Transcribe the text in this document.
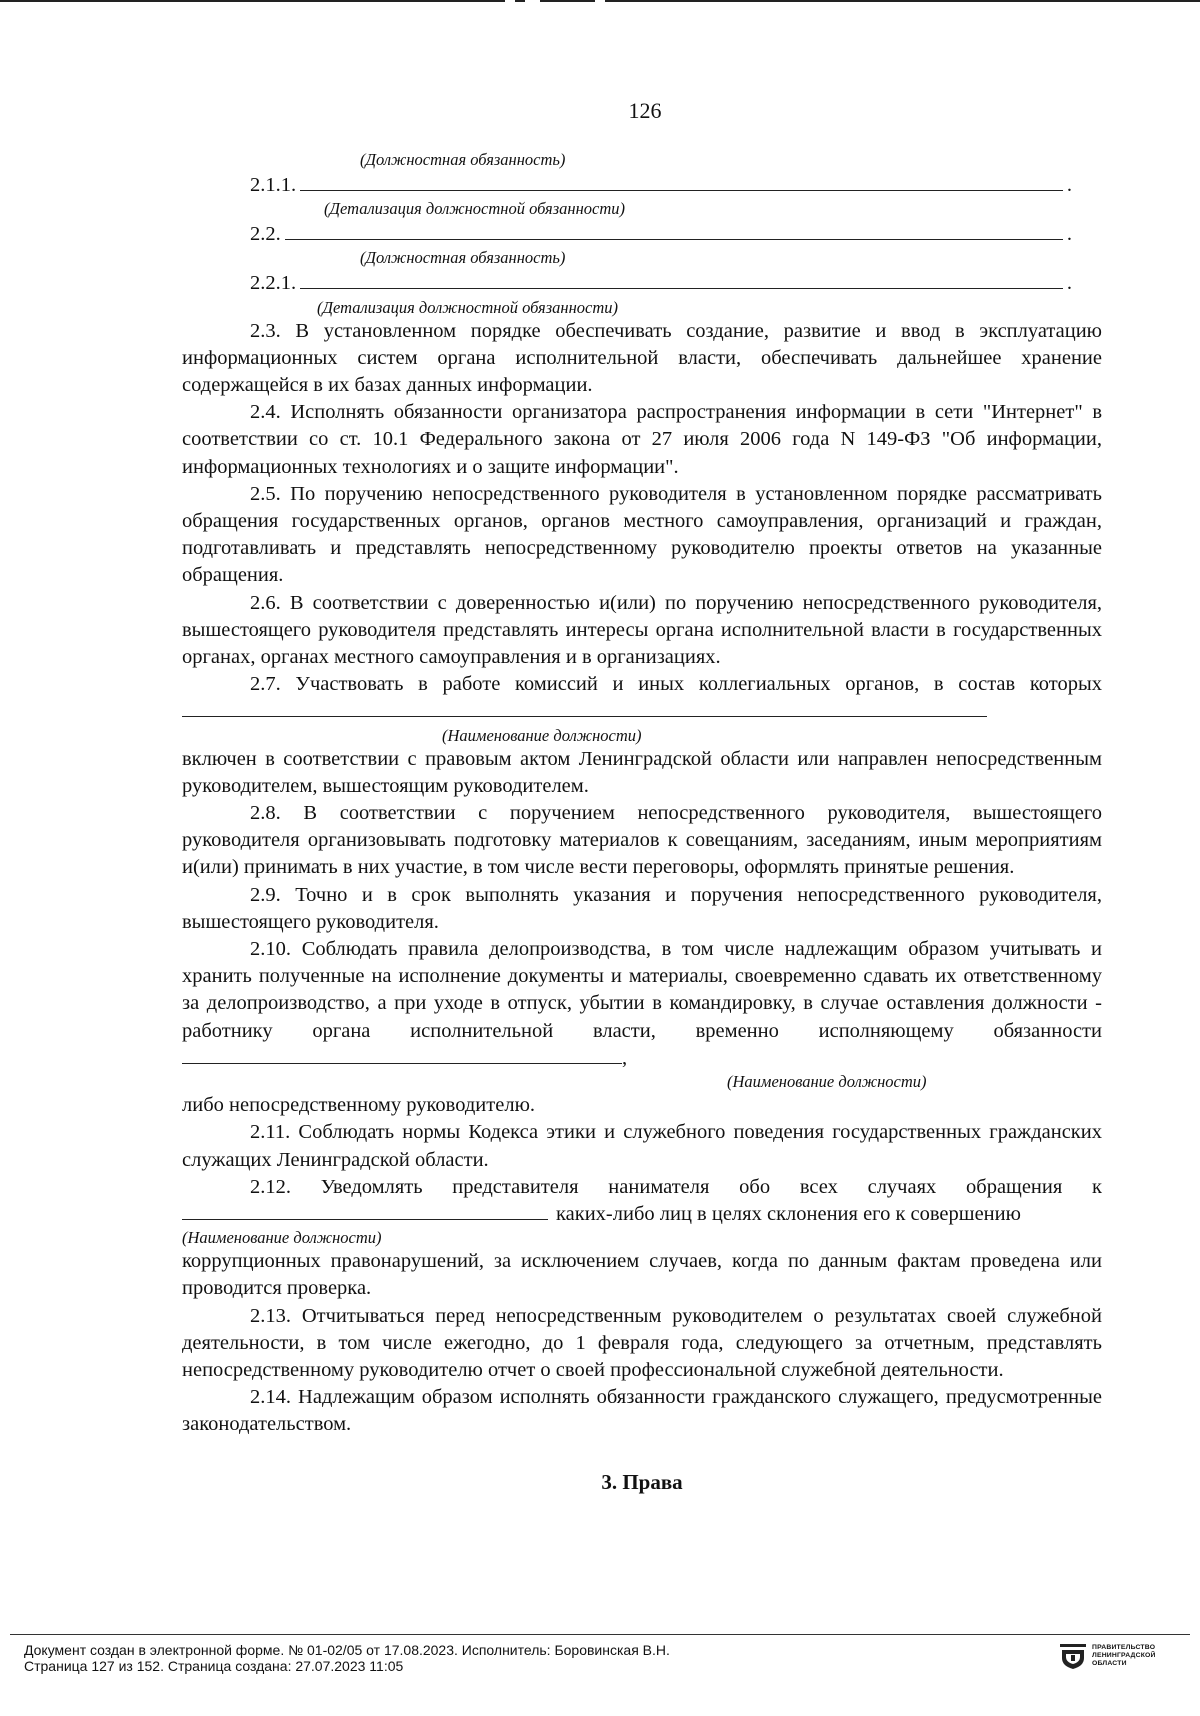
126
(Должностная обязанность)
2.1.1.	.
(Детализация должностной обязанности)
2.2.	.
(Должностная обязанность)
2.2.1.	.
(Детализация должностной обязанности)

2.3. В установленном порядке обеспечивать создание, развитие и ввод в эксплуатацию информационных систем органа исполнительной власти, обеспечивать дальнейшее хранение содержащейся в их базах данных информации.

2.4. Исполнять обязанности организатора распространения информации в сети "Интернет" в соответствии со ст. 10.1 Федерального закона от 27 июля 2006 года N 149-ФЗ "Об информации, информационных технологиях и о защите информации".

2.5. По поручению непосредственного руководителя в установленном порядке рассматривать обращения государственных органов, органов местного самоуправления, организаций и граждан, подготавливать и представлять непосредственному руководителю проекты ответов на указанные обращения.

2.6. В соответствии с доверенностью и(или) по поручению непосредственного руководителя, вышестоящего руководителя представлять интересы органа исполнительной власти в государственных органах, органах местного самоуправления и в организациях.

2.7. Участвовать в работе комиссий и иных коллегиальных органов, в состав которых

(Наименование должности)

включен в соответствии с правовым актом Ленинградской области или направлен непосредственным руководителем, вышестоящим руководителем.

2.8. В соответствии с поручением непосредственного руководителя, вышестоящего руководителя организовывать подготовку материалов к совещаниям, заседаниям, иным мероприятиям и(или) принимать в них участие, в том числе вести переговоры, оформлять принятые решения.

2.9. Точно и в срок выполнять указания и поручения непосредственного руководителя, вышестоящего руководителя.

2.10. Соблюдать правила делопроизводства, в том числе надлежащим образом учитывать и хранить полученные на исполнение документы и материалы, своевременно сдавать их ответственному за делопроизводство, а при уходе в отпуск, убытии в командировку, в случае оставления должности - работнику органа исполнительной власти, временно исполняющему обязанности ,

(Наименование должности)

либо непосредственному руководителю.

2.11. Соблюдать нормы Кодекса этики и служебного поведения государственных гражданских служащих Ленинградской области.

2.12. Уведомлять представителя нанимателя обо всех случаях обращения к

каких-либо лиц в целях склонения его к совершению
(Наименование должности)

коррупционных правонарушений, за исключением случаев, когда по данным фактам проведена или проводится проверка.

2.13. Отчитываться перед непосредственным руководителем о результатах своей служебной деятельности, в том числе ежегодно, до 1 февраля года, следующего за отчетным, представлять непосредственному руководителю отчет о своей профессиональной служебной деятельности.

2.14. Надлежащим образом исполнять обязанности гражданского служащего, предусмотренные законодательством.

3. Права
Документ создан в электронной форме. № 01-02/05 от 17.08.2023. Исполнитель: Боровинская В.Н.
Страница 127 из 152. Страница создана: 27.07.2023 11:05
ПРАВИТЕЛЬСТВО
ЛЕНИНГРАДСКОЙ
ОБЛАСТИ
